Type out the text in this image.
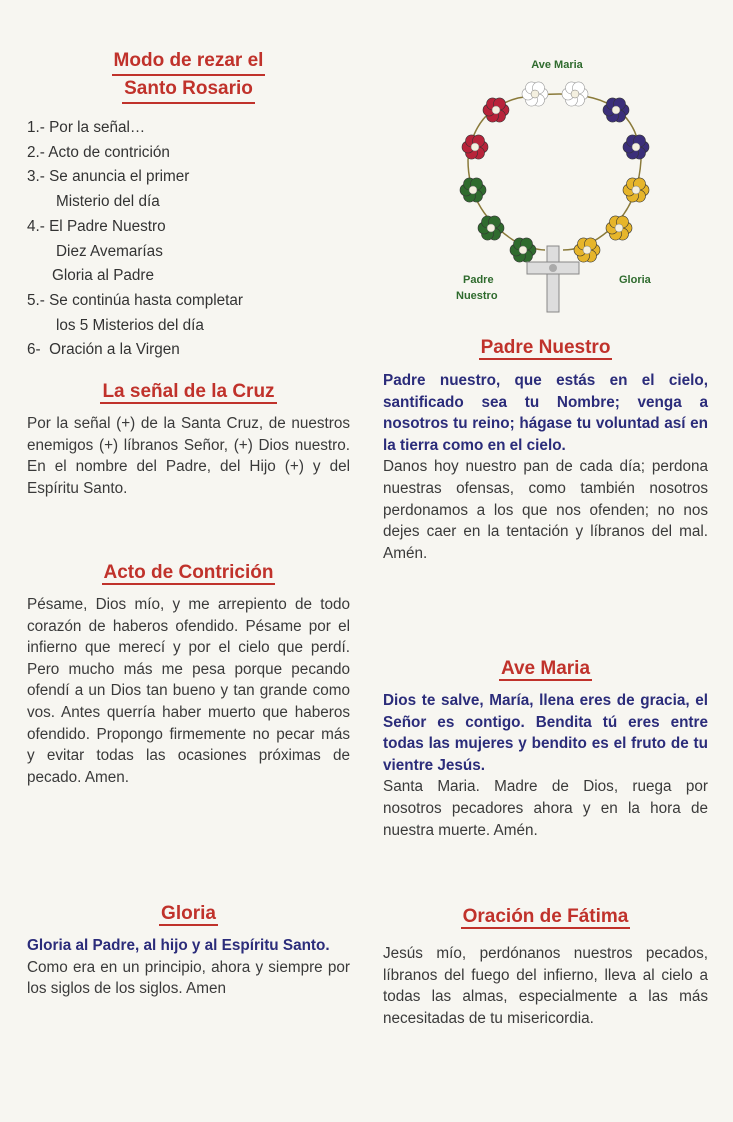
Modo de rezar el
Santo Rosario
1.- Por la señal…
2.- Acto de contrición
3.- Se anuncia el primer
Misterio del día
4.- El Padre Nuestro
Diez Avemarías
Gloria al Padre
5.- Se continúa hasta completar
los 5 Misterios del día
6- Oración a la Virgen
La señal de la Cruz

Por la señal (+) de la Santa Cruz, de nuestros enemigos (+) líbranos Señor, (+) Dios nuestro. En el nombre del Padre, del Hijo (+) y del Espíritu Santo.

Acto de Contrición

Pésame, Dios mío, y me arrepiento de todo corazón de haberos ofendido. Pésame por el infierno que merecí y por el cielo que perdí. Pero mucho más me pesa porque pecando ofendí a un Dios tan bueno y tan grande como vos. Antes querría haber muerto que haberos ofendido. Propongo firmemente no pecar más y evitar todas las ocasiones próximas de pecado. Amen.

Gloria

Gloria al Padre, al hijo y al Espíritu Santo.

Como era en un principio, ahora y siempre por los siglos de los siglos. Amen

Ave Maria
Padre
Nuestro
Gloria
Padre Nuestro

Padre nuestro, que estás en el cielo, santificado sea tu Nombre; venga a nosotros tu reino; hágase tu voluntad así en la tierra como en el cielo.

Danos hoy nuestro pan de cada día; perdona nuestras ofensas, como también nosotros perdonamos a los que nos ofenden; no nos dejes caer en la tentación y líbranos del mal. Amén.

Ave Maria

Dios te salve, María, llena eres de gracia, el Señor es contigo. Bendita tú eres entre todas las mujeres y bendito es el fruto de tu vientre Jesús.

Santa Maria. Madre de Dios, ruega por nosotros pecadores ahora y en la hora de nuestra muerte. Amén.

Oración de Fátima

Jesús mío, perdónanos nuestros pecados, líbranos del fuego del infierno, lleva al cielo a todas las almas, especialmente a las más necesitadas de tu misericordia.
